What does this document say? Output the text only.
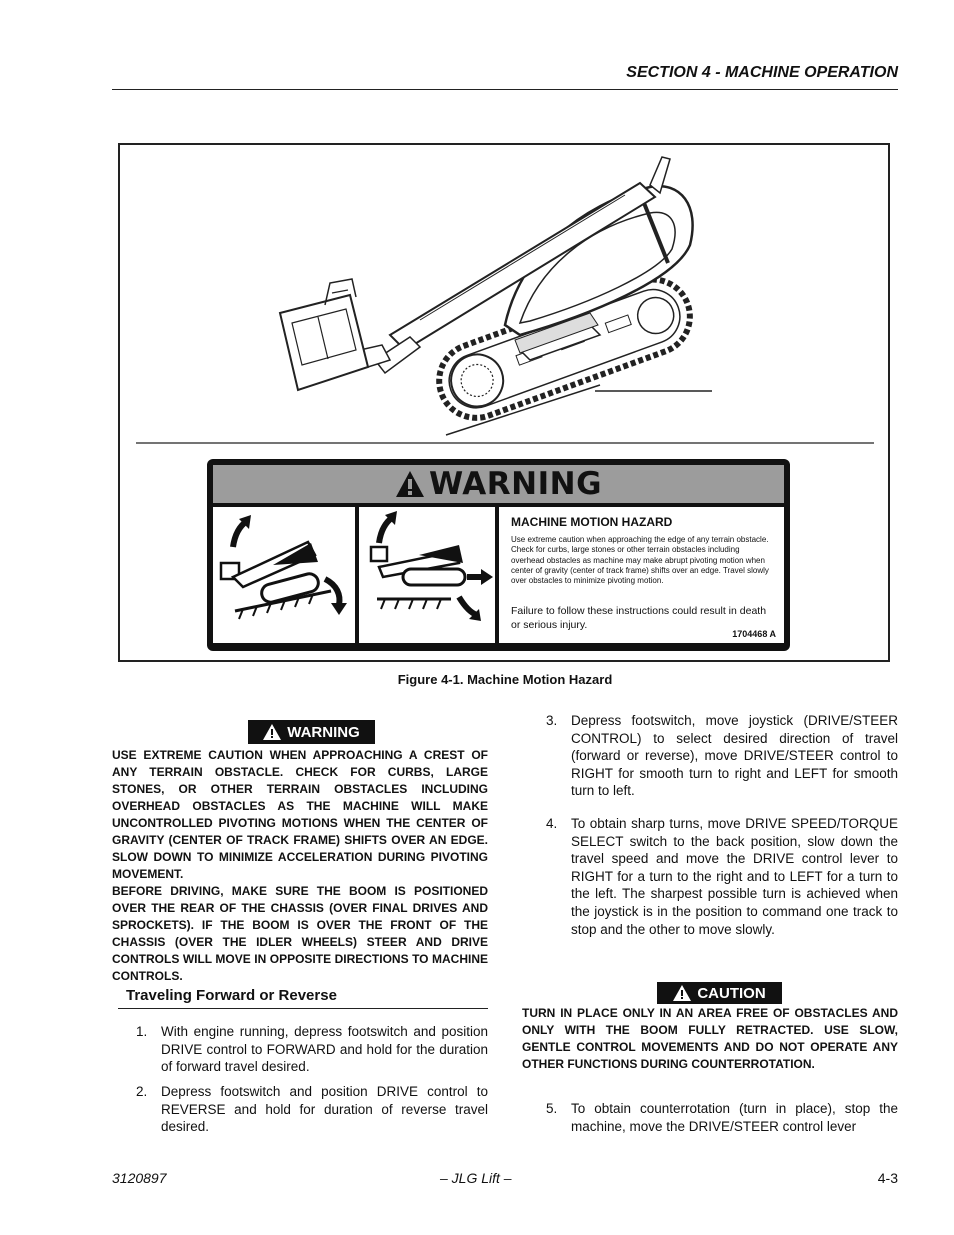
SECTION 4 - MACHINE OPERATION
WARNING
MACHINE MOTION HAZARD
Use extreme caution when approaching the edge of any terrain obstacle. Check for curbs, large stones or other terrain obstacles including overhead obstacles as machine may make abrupt pivoting motion when center of gravity (center of track frame) shifts over an edge. Travel slowly over obstacles to minimize pivoting motion.
Failure to follow these instructions could result in death or serious injury.
1704468 A
Figure 4-1. Machine Motion Hazard
WARNING
USE EXTREME CAUTION WHEN APPROACHING A CREST OF ANY TERRAIN OBSTACLE. CHECK FOR CURBS, LARGE STONES, OR OTHER TERRAIN OBSTACLES INCLUDING OVERHEAD OBSTACLES AS THE MACHINE WILL MAKE UNCONTROLLED PIVOTING MOTIONS WHEN THE CENTER OF GRAVITY (CENTER OF TRACK FRAME) SHIFTS OVER AN EDGE. SLOW DOWN TO MINIMIZE ACCELERATION DURING PIVOTING MOVEMENT.
BEFORE DRIVING, MAKE SURE THE BOOM IS POSITIONED OVER THE REAR OF THE CHASSIS (OVER FINAL DRIVES AND SPROCKETS). IF THE BOOM IS OVER THE FRONT OF THE CHASSIS (OVER THE IDLER WHEELS) STEER AND DRIVE CONTROLS WILL MOVE IN OPPOSITE DIRECTIONS TO MACHINE CONTROLS.
Traveling Forward or Reverse
1. With engine running, depress footswitch and position DRIVE control to FORWARD and hold for the duration of forward travel desired.
2. Depress footswitch and position DRIVE control to REVERSE and hold for duration of reverse travel desired.
3. Depress footswitch, move joystick (DRIVE/STEER CONTROL) to select desired direction of travel (forward or reverse), move DRIVE/STEER control to RIGHT for smooth turn to right and LEFT for smooth turn to left.
4. To obtain sharp turns, move DRIVE SPEED/TORQUE SELECT switch to the back position, slow down the travel speed and move the DRIVE control lever to RIGHT for a turn to the right and to LEFT for a turn to the left. The sharpest possible turn is achieved when the joystick is in the position to command one track to stop and the other to move slowly.
CAUTION
TURN IN PLACE ONLY IN AN AREA FREE OF OBSTACLES AND ONLY WITH THE BOOM FULLY RETRACTED. USE SLOW, GENTLE CONTROL MOVEMENTS AND DO NOT OPERATE ANY OTHER FUNCTIONS DURING COUNTERROTATION.
5. To obtain counterrotation (turn in place), stop the machine, move the DRIVE/STEER control lever
3120897	– JLG Lift –	4-3
